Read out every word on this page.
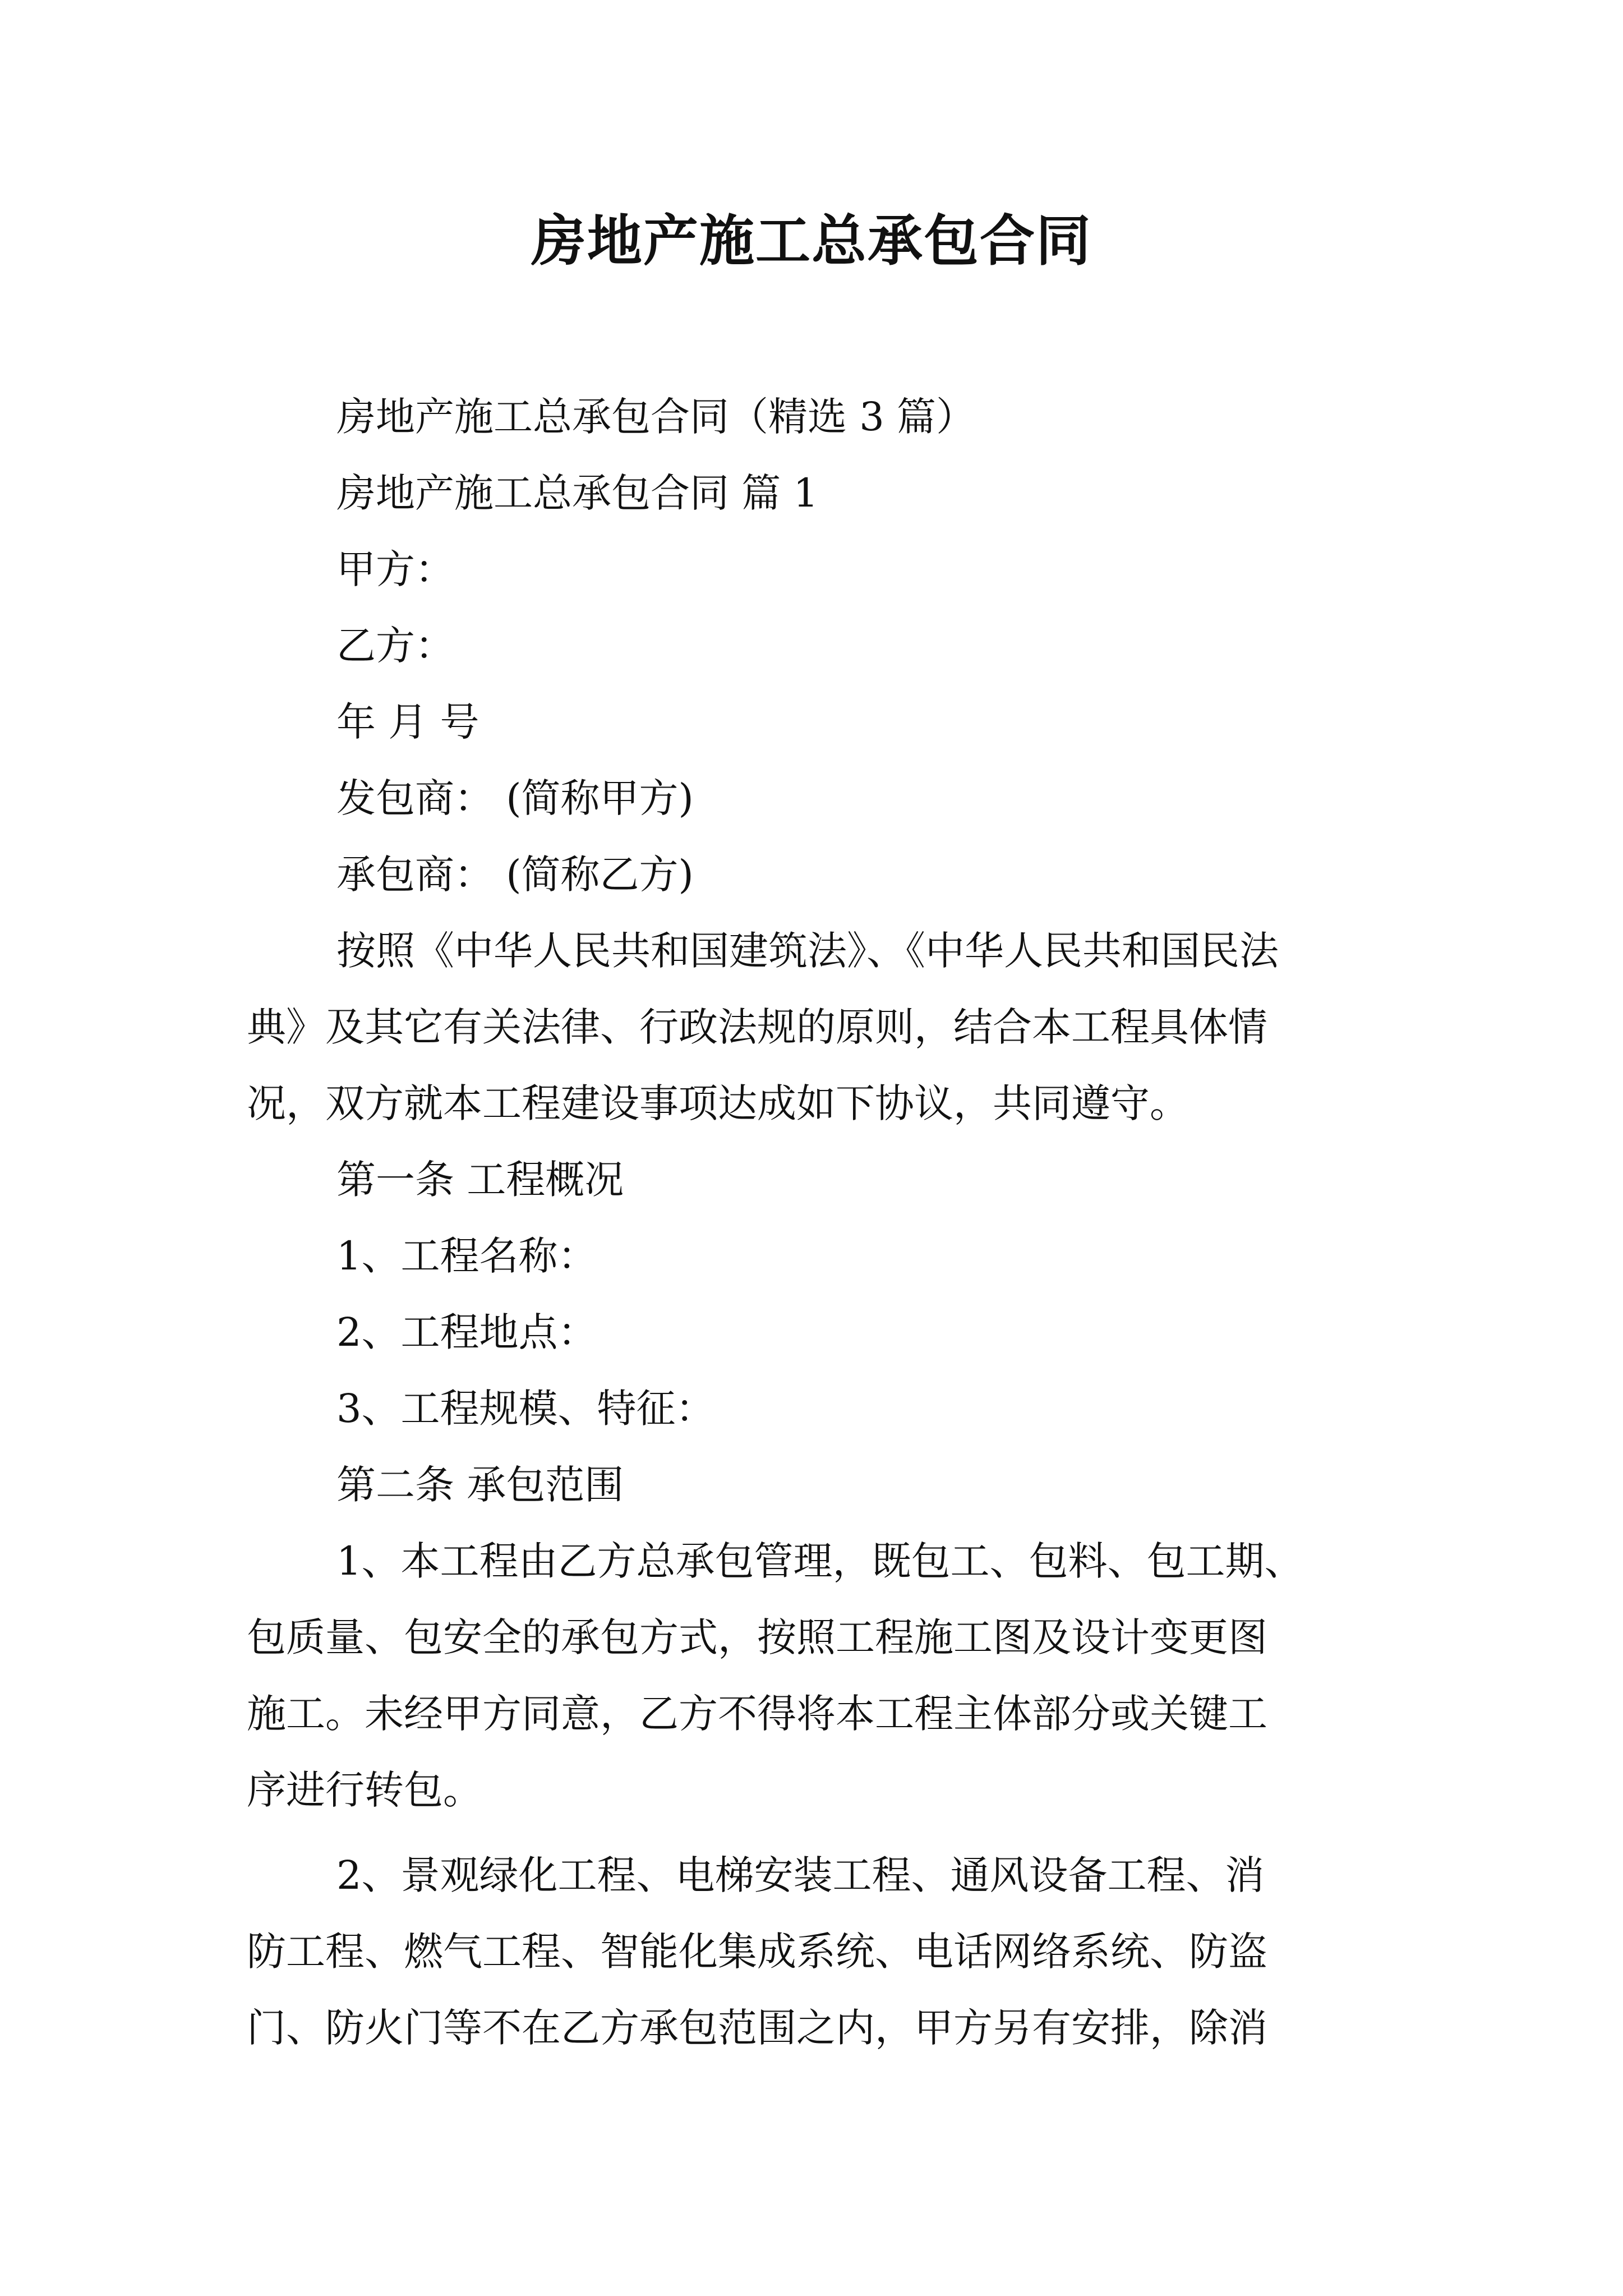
房地产施工总承包合同
房地产施工总承包合同（精选 3 篇）
房地产施工总承包合同 篇 1
甲方：
乙方：
年 月 号
发包商： (简称甲方)
承包商： (简称乙方)
按照《中华人民共和国建筑法》、《中华人民共和国民法
典》及其它有关法律、行政法规的原则，结合本工程具体情
况，双方就本工程建设事项达成如下协议，共同遵守。
第一条 工程概况
1、工程名称：
2、工程地点：
3、工程规模、特征：
第二条 承包范围
1、本工程由乙方总承包管理，既包工、包料、包工期、
包质量、包安全的承包方式，按照工程施工图及设计变更图
施工。未经甲方同意，乙方不得将本工程主体部分或关键工
序进行转包。
2、景观绿化工程、电梯安装工程、通风设备工程、消
防工程、燃气工程、智能化集成系统、电话网络系统、防盗
门、防火门等不在乙方承包范围之内，甲方另有安排，除消
